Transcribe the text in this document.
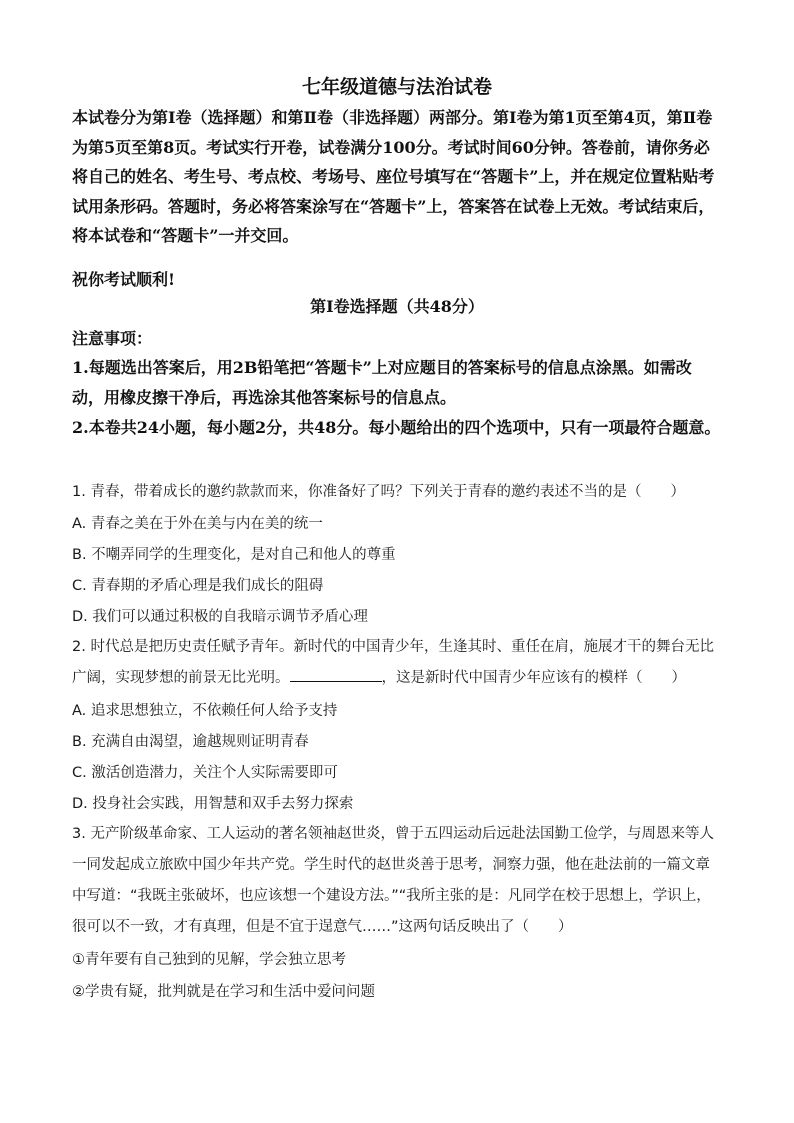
七年级道德与法治试卷
本试卷分为第Ⅰ卷（选择题）和第Ⅱ卷（非选择题）两部分。第Ⅰ卷为第1页至第4页，第Ⅱ卷为第5页至第8页。考试实行开卷，试卷满分100分。考试时间60分钟。答卷前，请你务必将自己的姓名、考生号、考点校、考场号、座位号填写在“答题卡”上，并在规定位置粘贴考试用条形码。答题时，务必将答案涂写在“答题卡”上，答案答在试卷上无效。考试结束后，将本试卷和“答题卡”一并交回。
祝你考试顺利!
第Ⅰ卷选择题（共48分）
注意事项：
1.每题选出答案后，用2B铅笔把“答题卡”上对应题目的答案标号的信息点涂黑。如需改动，用橡皮擦干净后，再选涂其他答案标号的信息点。
2.本卷共24小题，每小题2分，共48分。每小题给出的四个选项中，只有一项最符合题意。
1. 青春，带着成长的邀约款款而来，你准备好了吗？下列关于青春的邀约表述不当的是（　　）
A. 青春之美在于外在美与内在美的统一
B. 不嘲弄同学的生理变化，是对自己和他人的尊重
C. 青春期的矛盾心理是我们成长的阻碍
D. 我们可以通过积极的自我暗示调节矛盾心理
2. 时代总是把历史责任赋予青年。新时代的中国青少年，生逢其时、重任在肩，施展才干的舞台无比广阔，实现梦想的前景无比光明。	，这是新时代中国青少年应该有的模样（　　）
A. 追求思想独立，不依赖任何人给予支持
B. 充满自由渴望，逾越规则证明青春
C. 激活创造潜力，关注个人实际需要即可
D. 投身社会实践，用智慧和双手去努力探索
3. 无产阶级革命家、工人运动的著名领袖赵世炎，曾于五四运动后远赴法国勤工俭学，与周恩来等人一同发起成立旅欧中国少年共产党。学生时代的赵世炎善于思考，洞察力强，他在赴法前的一篇文章中写道：“我既主张破坏，也应该想一个建设方法。”“我所主张的是：凡同学在校于思想上，学识上，很可以不一致，才有真理，但是不宜于逞意气……”这两句话反映出了（　　）
①青年要有自己独到的见解，学会独立思考
②学贵有疑，批判就是在学习和生活中爱问问题
